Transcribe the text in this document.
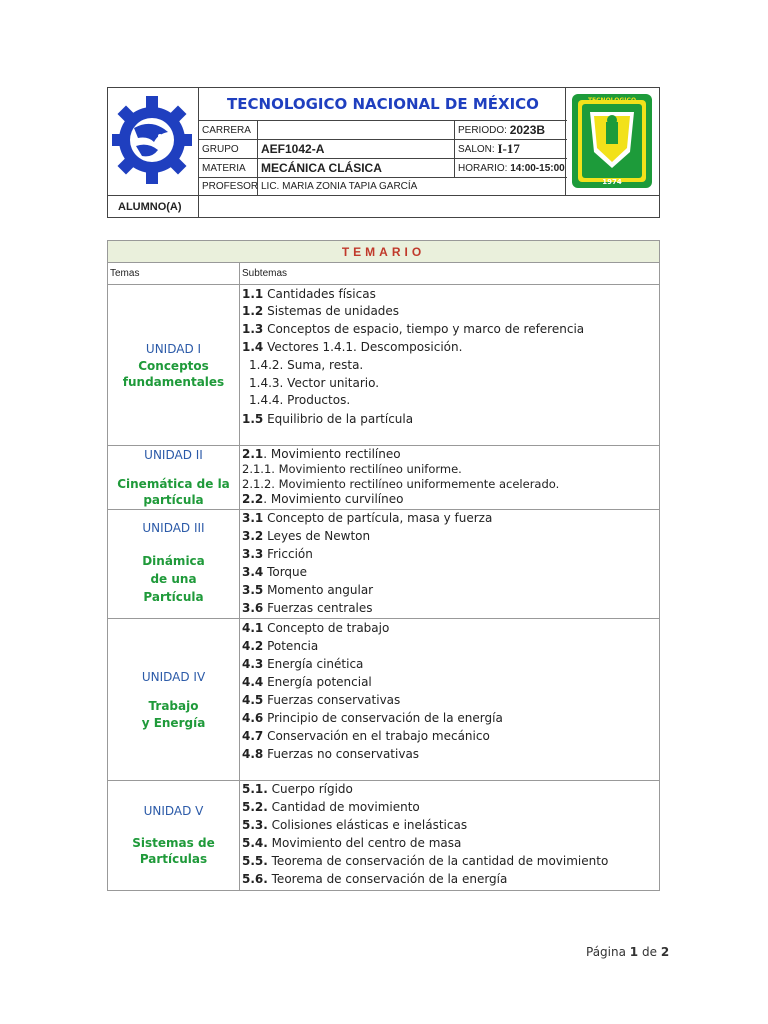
TECNOLOGICO NACIONAL DE MÉXICO
CARRERA	PERIODO:
2023B
GRUPO	AEF1042-A	SALON:
I-17
MATERIA	MECÁNICA CLÁSICA	HORARIO:
14:00-15:00
PROFESOR LIC. MARIA ZONIA TAPIA GARCÍA
TECNOLOGICO
1974
ALUMNO(A)
TEMARIO
Temas	Subtemas
UNIDAD I
Conceptos
fundamentales
1.1 Cantidades físicas
1.2 Sistemas de unidades
1.3 Conceptos de espacio, tiempo y marco de referencia
1.4 Vectores 1.4.1. Descomposición.
1.4.2. Suma, resta.
1.4.3. Vector unitario.
1.4.4. Productos.
1.5 Equilibrio de la partícula
UNIDAD II
Cinemática de la
partícula
2.1. Movimiento rectilíneo
2.1.1. Movimiento rectilíneo uniforme.
2.1.2. Movimiento rectilíneo uniformemente acelerado.
2.2. Movimiento curvilíneo
UNIDAD III
Dinámica
de una
Partícula
3.1 Concepto de partícula, masa y fuerza
3.2 Leyes de Newton
3.3 Fricción
3.4 Torque
3.5 Momento angular
3.6 Fuerzas centrales
UNIDAD IV
Trabajo
y Energía
4.1 Concepto de trabajo
4.2 Potencia
4.3 Energía cinética
4.4 Energía potencial
4.5 Fuerzas conservativas
4.6 Principio de conservación de la energía
4.7 Conservación en el trabajo mecánico
4.8 Fuerzas no conservativas
UNIDAD V
Sistemas de
Partículas
5.1. Cuerpo rígido
5.2. Cantidad de movimiento
5.3. Colisiones elásticas e inelásticas
5.4. Movimiento del centro de masa
5.5. Teorema de conservación de la cantidad de movimiento
5.6. Teorema de conservación de la energía
Página 1 de 2
